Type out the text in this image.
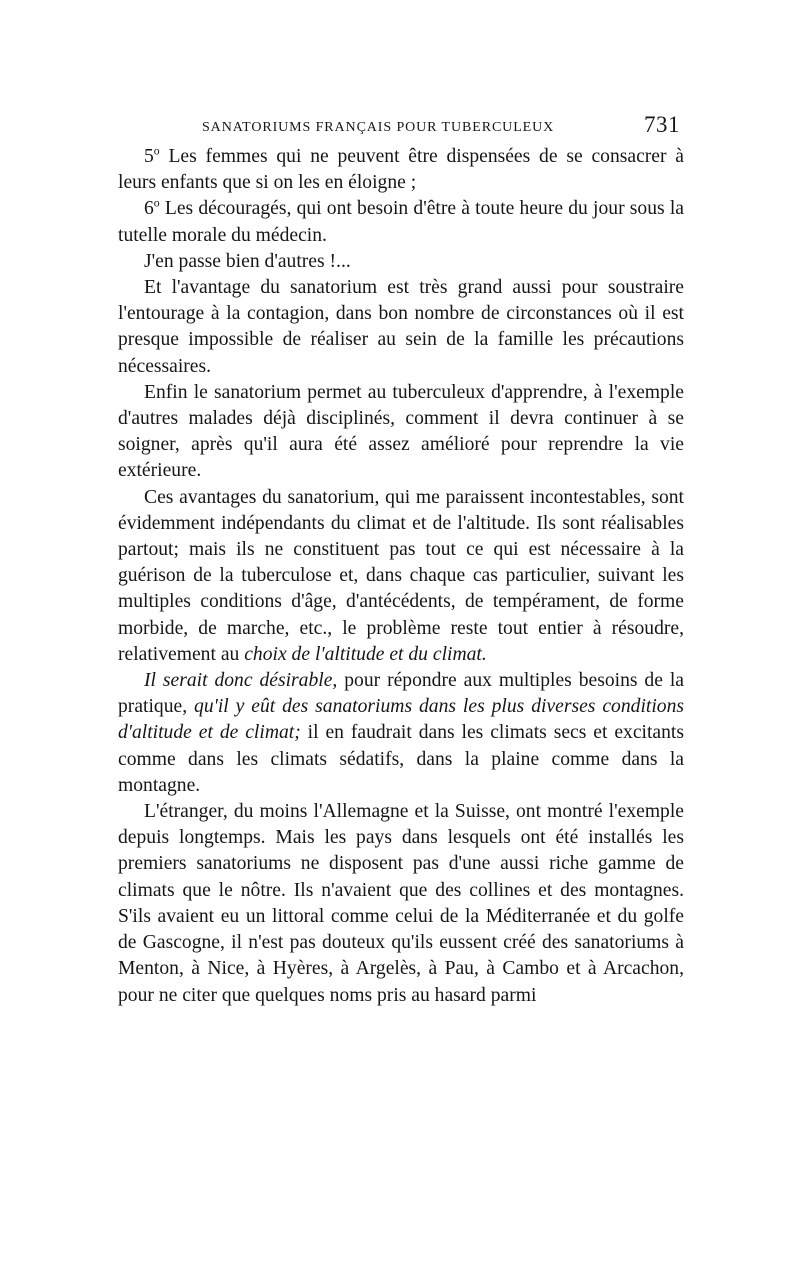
SANATORIUMS FRANÇAIS POUR TUBERCULEUX	731

5$^o$ Les femmes qui ne peuvent être dispensées de se consacrer à leurs enfants que si on les en éloigne ;

6$^o$ Les découragés, qui ont besoin d'être à toute heure du jour sous la tutelle morale du médecin.

J'en passe bien d'autres !...

Et l'avantage du sanatorium est très grand aussi pour soustraire l'entourage à la contagion, dans bon nombre de circonstances où il est presque impossible de réaliser au sein de la famille les précautions nécessaires.

Enfin le sanatorium permet au tuberculeux d'apprendre, à l'exemple d'autres malades déjà disciplinés, comment il devra continuer à se soigner, après qu'il aura été assez amélioré pour reprendre la vie extérieure.

Ces avantages du sanatorium, qui me paraissent incontestables, sont évidemment indépendants du climat et de l'altitude. Ils sont réalisables partout; mais ils ne constituent pas tout ce qui est nécessaire à la guérison de la tuberculose et, dans chaque cas particulier, suivant les multiples conditions d'âge, d'antécédents, de tempérament, de forme morbide, de marche, etc., le problème reste tout entier à résoudre, relativement au choix de l'altitude et du climat.

Il serait donc désirable, pour répondre aux multiples besoins de la pratique, qu'il y eût des sanatoriums dans les plus diverses conditions d'altitude et de climat; il en faudrait dans les climats secs et excitants comme dans les climats sédatifs, dans la plaine comme dans la montagne.

L'étranger, du moins l'Allemagne et la Suisse, ont montré l'exemple depuis longtemps. Mais les pays dans lesquels ont été installés les premiers sanatoriums ne disposent pas d'une aussi riche gamme de climats que le nôtre. Ils n'avaient que des collines et des montagnes. S'ils avaient eu un littoral comme celui de la Méditerranée et du golfe de Gascogne, il n'est pas douteux qu'ils eussent créé des sanatoriums à Menton, à Nice, à Hyères, à Argelès, à Pau, à Cambo et à Arcachon, pour ne citer que quelques noms pris au hasard parmi
